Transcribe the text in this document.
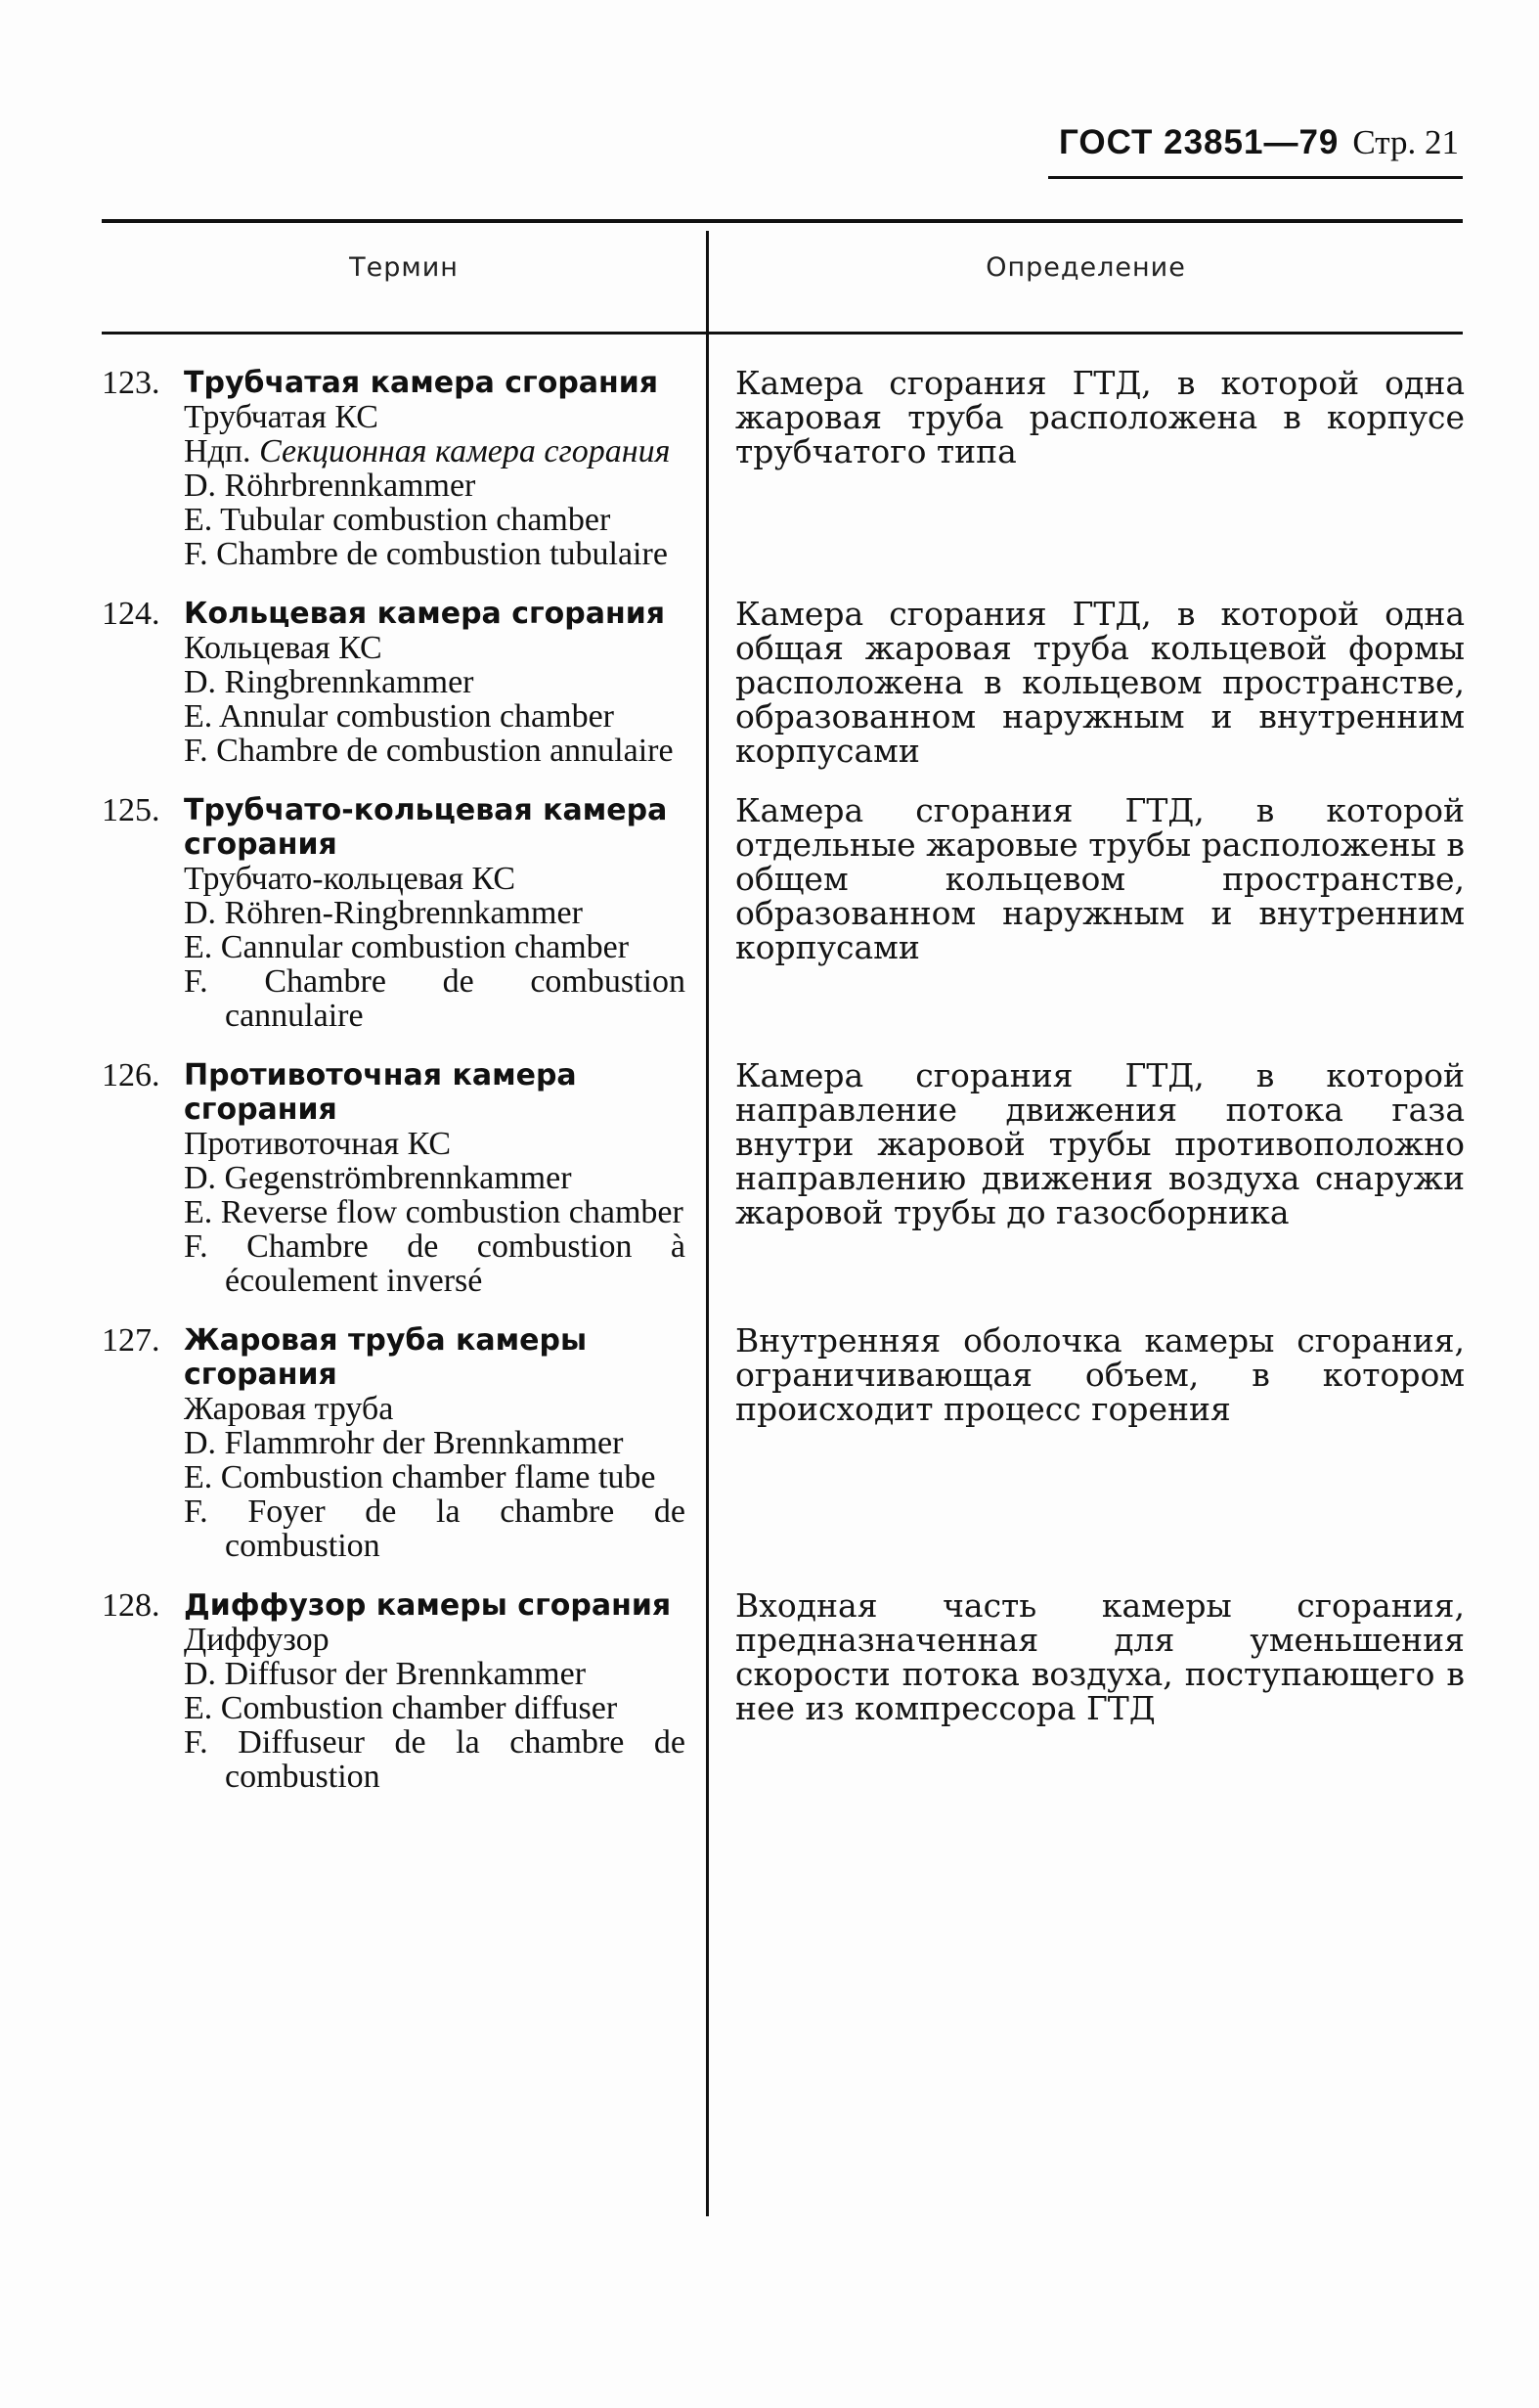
ГОСТ 23851—79 Стр. 21
Термин	Определение
123. Трубчатая камера сгорания
Трубчатая КС
Ндп. Секционная камера сгорания
D. Röhrbrennkammer
E. Tubular combustion chamber
F. Chambre de combustion tubulaire
Камера сгорания ГТД, в которой одна жаровая труба расположена в корпусе трубчатого типа
124. Кольцевая камера сгорания
Кольцевая КС
D. Ringbrennkammer
E. Annular combustion chamber
F. Chambre de combustion annulaire
Камера сгорания ГТД, в которой одна общая жаровая труба кольцевой формы расположена в кольцевом пространстве, образованном наружным и внутренним корпусами
125. Трубчато-кольцевая камера сгорания
Трубчато-кольцевая КС
D. Röhren-Ringbrennkammer
E. Cannular combustion chamber
F. Chambre de combustion cannulaire
Камера сгорания ГТД, в которой отдельные жаровые трубы расположены в общем кольцевом пространстве, образованном наружным и внутренним корпусами
126. Противоточная камера сгорания
Противоточная КС
D. Gegenströmbrennkammer
E. Reverse flow combustion chamber
F. Chambre de combustion à écoulement inversé
Камера сгорания ГТД, в которой направление движения потока газа внутри жаровой трубы противоположно направлению движения воздуха снаружи жаровой трубы до газосборника
127. Жаровая труба камеры сгорания
Жаровая труба
D. Flammrohr der Brennkammer
E. Combustion chamber flame tube
F. Foyer de la chambre de combustion
Внутренняя оболочка камеры сгорания, ограничивающая объем, в котором происходит процесс горения
128. Диффузор камеры сгорания
Диффузор
D. Diffusor der Brennkammer
E. Combustion chamber diffuser
F. Diffuseur de la chambre de combustion
Входная часть камеры сгорания, предназначенная для уменьшения скорости потока воздуха, поступающего в нее из компрессора ГТД
